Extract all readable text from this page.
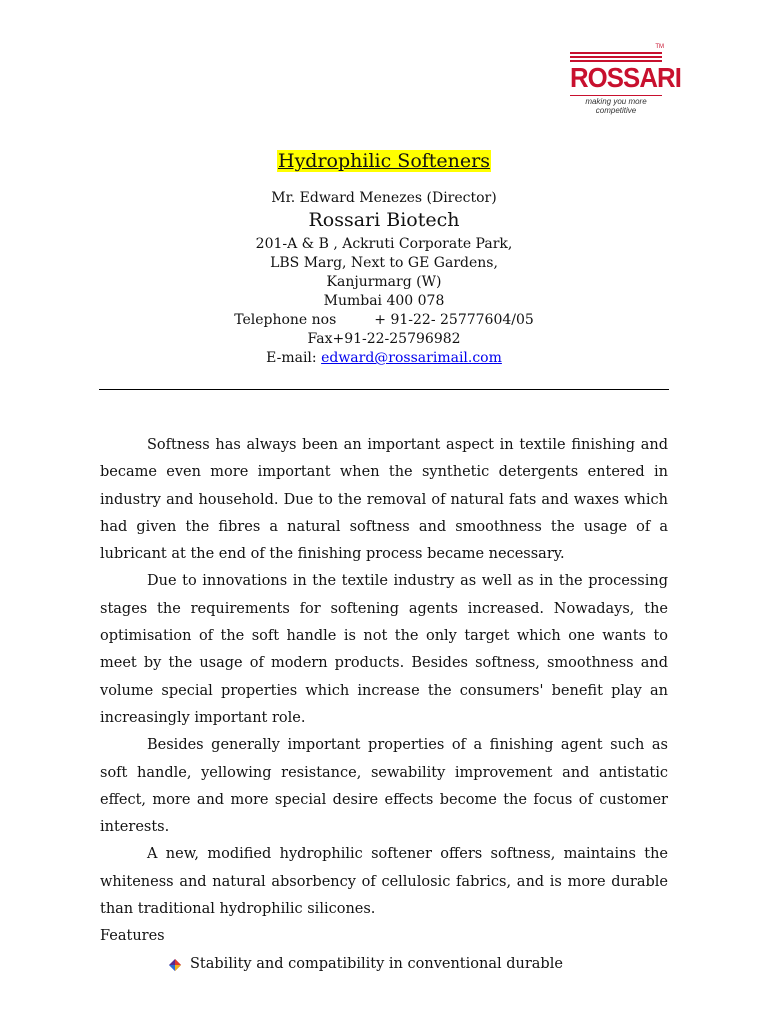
TM
ROSSARI
making you more competitive
Hydrophilic Softeners
Mr. Edward Menezes (Director)
Rossari Biotech
201-A & B , Ackruti Corporate Park,
LBS Marg, Next to GE Gardens,
Kanjurmarg (W)
Mumbai 400 078
Telephone nos	+ 91-22- 25777604/05
Fax+91-22-25796982
E-mail: edward@rossarimail.com

Softness has always been an important aspect in textile finishing and became even more important when the synthetic detergents entered in industry and household. Due to the removal of natural fats and waxes which had given the fibres a natural softness and smoothness the usage of a lubricant at the end of the finishing process became necessary.

Due to innovations in the textile industry as well as in the processing stages the requirements for softening agents increased. Nowadays, the optimisation of the soft handle is not the only target which one wants to meet by the usage of modern products. Besides softness, smoothness and volume special properties which increase the consumers' benefit play an increasingly important role.

Besides generally important properties of a finishing agent such as soft handle, yellowing resistance, sewability improvement and antistatic effect, more and more special desire effects become the focus of customer interests.

A new, modified hydrophilic softener offers softness, maintains the whiteness and natural absorbency of cellulosic fabrics, and is more durable than traditional hydrophilic silicones.

Features
Stability and compatibility in conventional durable
